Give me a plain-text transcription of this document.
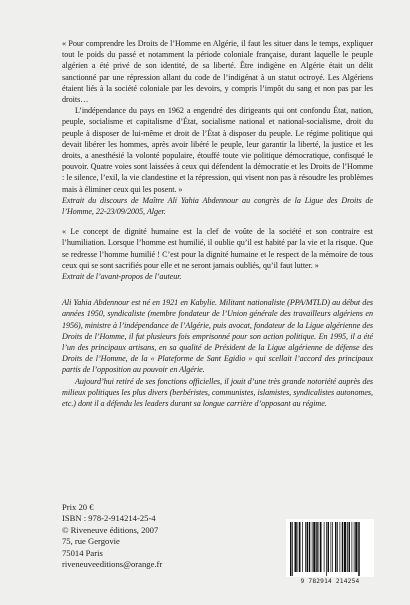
« Pour comprendre les Droits de l’Homme en Algérie, il faut les situer dans le temps, expliquer tout le poids du passé et notamment la période coloniale française, durant laquelle le peuple algérien a été privé de son identité, de sa liberté. Être indigène en Algérie était un délit sanctionné par une répression allant du code de l’indigénat à un statut octroyé. Les Algériens étaient liés à la société coloniale par les devoirs, y compris l’impôt du sang et non pas par les droits…

L’indépendance du pays en 1962 a engendré des dirigeants qui ont confondu État, nation, peuple, socialisme et capitalisme d’État, socialisme national et national-socialisme, droit du peuple à disposer de lui-même et droit de l’État à disposer du peuple. Le régime politique qui devait libérer les hommes, après avoir libéré le peuple, leur garantir la liberté, la justice et les droits, a anesthésié la volonté populaire, étouffé toute vie politique démocratique, confisqué le pouvoir. Quatre voies sont laissées à ceux qui défendent la démocratie et les Droits de l’Homme : le silence, l’exil, la vie clandestine et la répression, qui visent non pas à résoudre les problèmes mais à éliminer ceux qui les posent. »

Extrait du discours de Maître Ali Yahia Abdennour au congrès de la Ligue des Droits de l’Homme, 22-23/09/2005, Alger.

« Le concept de dignité humaine est la clef de voûte de la société et son contraire est l’humiliation. Lorsque l’homme est humilié, il oublie qu’il est habité par la vie et la risque. Que se redresse l’homme humilié ! C’est pour la dignité humaine et le respect de la mémoire de tous ceux qui se sont sacrifiés pour elle et ne seront jamais oubliés, qu’il faut lutter. »

Extrait de l’avant-propos de l’auteur.

Ali Yahia Abdennour est né en 1921 en Kabylie. Militant nationaliste (PPA/MTLD) au début des années 1950, syndicaliste (membre fondateur de l’Union générale des travailleurs algériens en 1956), ministre à l’indépendance de l’Algérie, puis avocat, fondateur de la Ligue algérienne des Droits de l’Homme, il fut plusieurs fois emprisonné pour son action politique. En 1995, il a été l’un des principaux artisans, en sa qualité de Président de la Ligue algérienne de défense des Droits de l’Homme, de la « Plateforme de Sant Egidio » qui scellait l’accord des principaux partis de l’opposition au pouvoir en Algérie.

Aujourd’hui retiré de ses fonctions officielles, il jouit d’une très grande notoriété auprès des milieux politiques les plus divers (berbéristes, communistes, islamistes, syndicalistes autonomes, etc.) dont il a défendu les leaders durant sa longue carrière d’opposant au régime.

Prix 20 €
ISBN : 978-2-914214-25-4
© Riveneuve éditions, 2007
75, rue Gergovie
75014 Paris
riveneuveeditions@orange.fr
9 782914 214254
